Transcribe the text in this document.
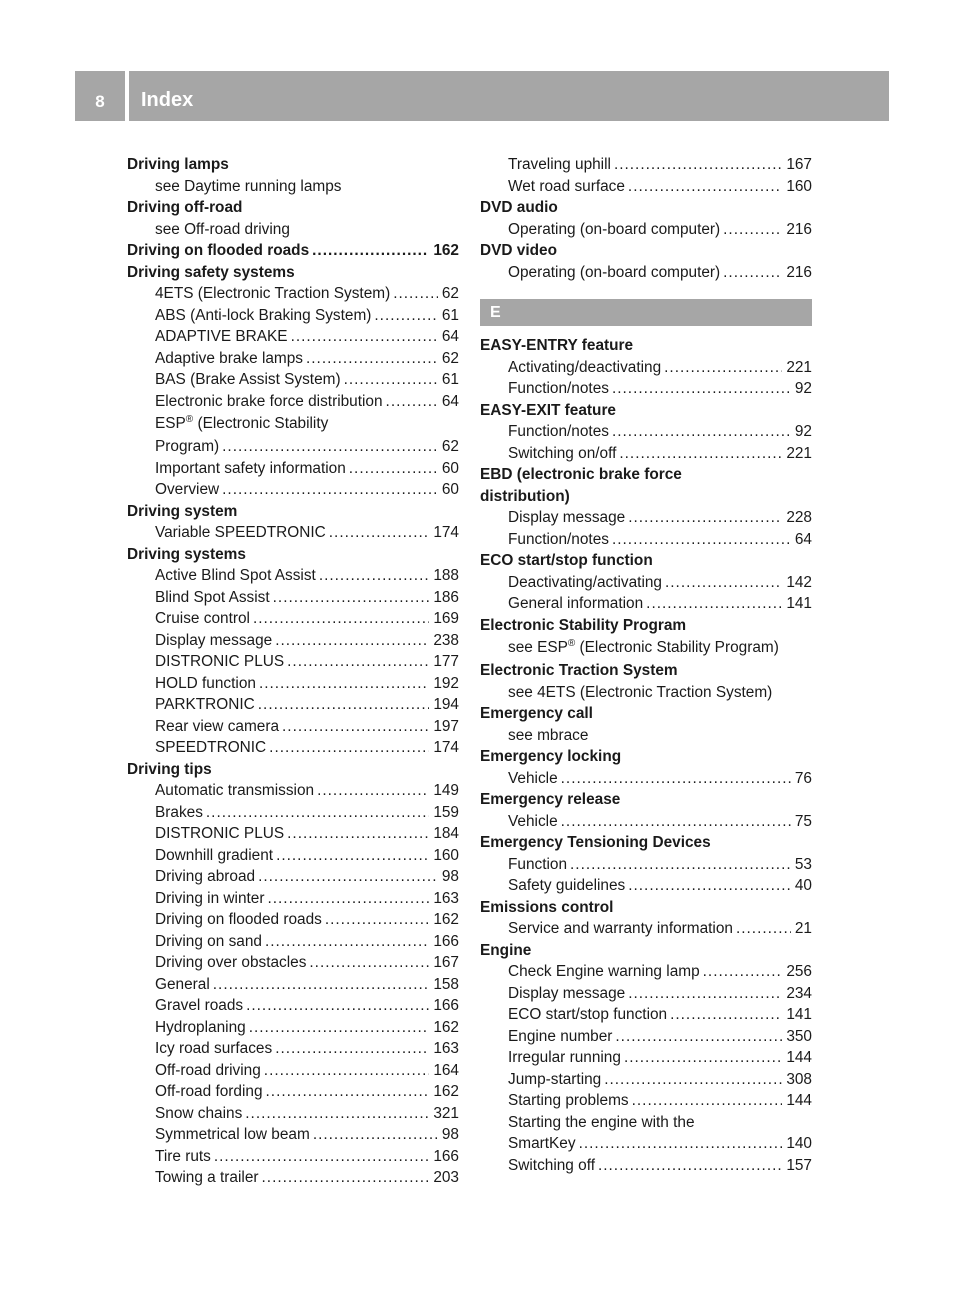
8	Index
Driving lamps
see Daytime running lamps
Driving off-road
see Off-road driving
Driving on flooded roads .....	162
Driving safety systems
4ETS (Electronic Traction System) .....	62
ABS (Anti-lock Braking System) .....	61
ADAPTIVE BRAKE .....	64
Adaptive brake lamps .....	62
BAS (Brake Assist System) .....	61
Electronic brake force distribution .....	64
ESP® (Electronic Stability
Program) .....	62
Important safety information .....	60
Overview .....	60
Driving system
Variable SPEEDTRONIC .....	174
Driving systems
Active Blind Spot Assist .....	188
Blind Spot Assist .....	186
Cruise control .....	169
Display message .....	238
DISTRONIC PLUS .....	177
HOLD function .....	192
PARKTRONIC .....	194
Rear view camera .....	197
SPEEDTRONIC .....	174
Driving tips
Automatic transmission .....	149
Brakes .....	159
DISTRONIC PLUS .....	184
Downhill gradient .....	160
Driving abroad .....	98
Driving in winter .....	163
Driving on flooded roads .....	162
Driving on sand .....	166
Driving over obstacles .....	167
General .....	158
Gravel roads .....	166
Hydroplaning .....	162
Icy road surfaces .....	163
Off-road driving .....	164
Off-road fording .....	162
Snow chains .....	321
Symmetrical low beam .....	98
Tire ruts .....	166
Towing a trailer .....	203
Traveling uphill .....	167
Wet road surface .....	160
DVD audio
Operating (on-board computer) .....	216
DVD video
Operating (on-board computer) .....	216
E
EASY-ENTRY feature
Activating/deactivating .....	221
Function/notes .....	92
EASY-EXIT feature
Function/notes .....	92
Switching on/off .....	221
EBD (electronic brake force
distribution)
Display message .....	228
Function/notes .....	64
ECO start/stop function
Deactivating/activating .....	142
General information .....	141
Electronic Stability Program
see ESP® (Electronic Stability Program)
Electronic Traction System
see 4ETS (Electronic Traction System)
Emergency call
see mbrace
Emergency locking
Vehicle .....	76
Emergency release
Vehicle .....	75
Emergency Tensioning Devices
Function .....	53
Safety guidelines .....	40
Emissions control
Service and warranty information .....	21
Engine
Check Engine warning lamp .....	256
Display message .....	234
ECO start/stop function .....	141
Engine number .....	350
Irregular running .....	144
Jump-starting .....	308
Starting problems .....	144
Starting the engine with the
SmartKey .....	140
Switching off .....	157
